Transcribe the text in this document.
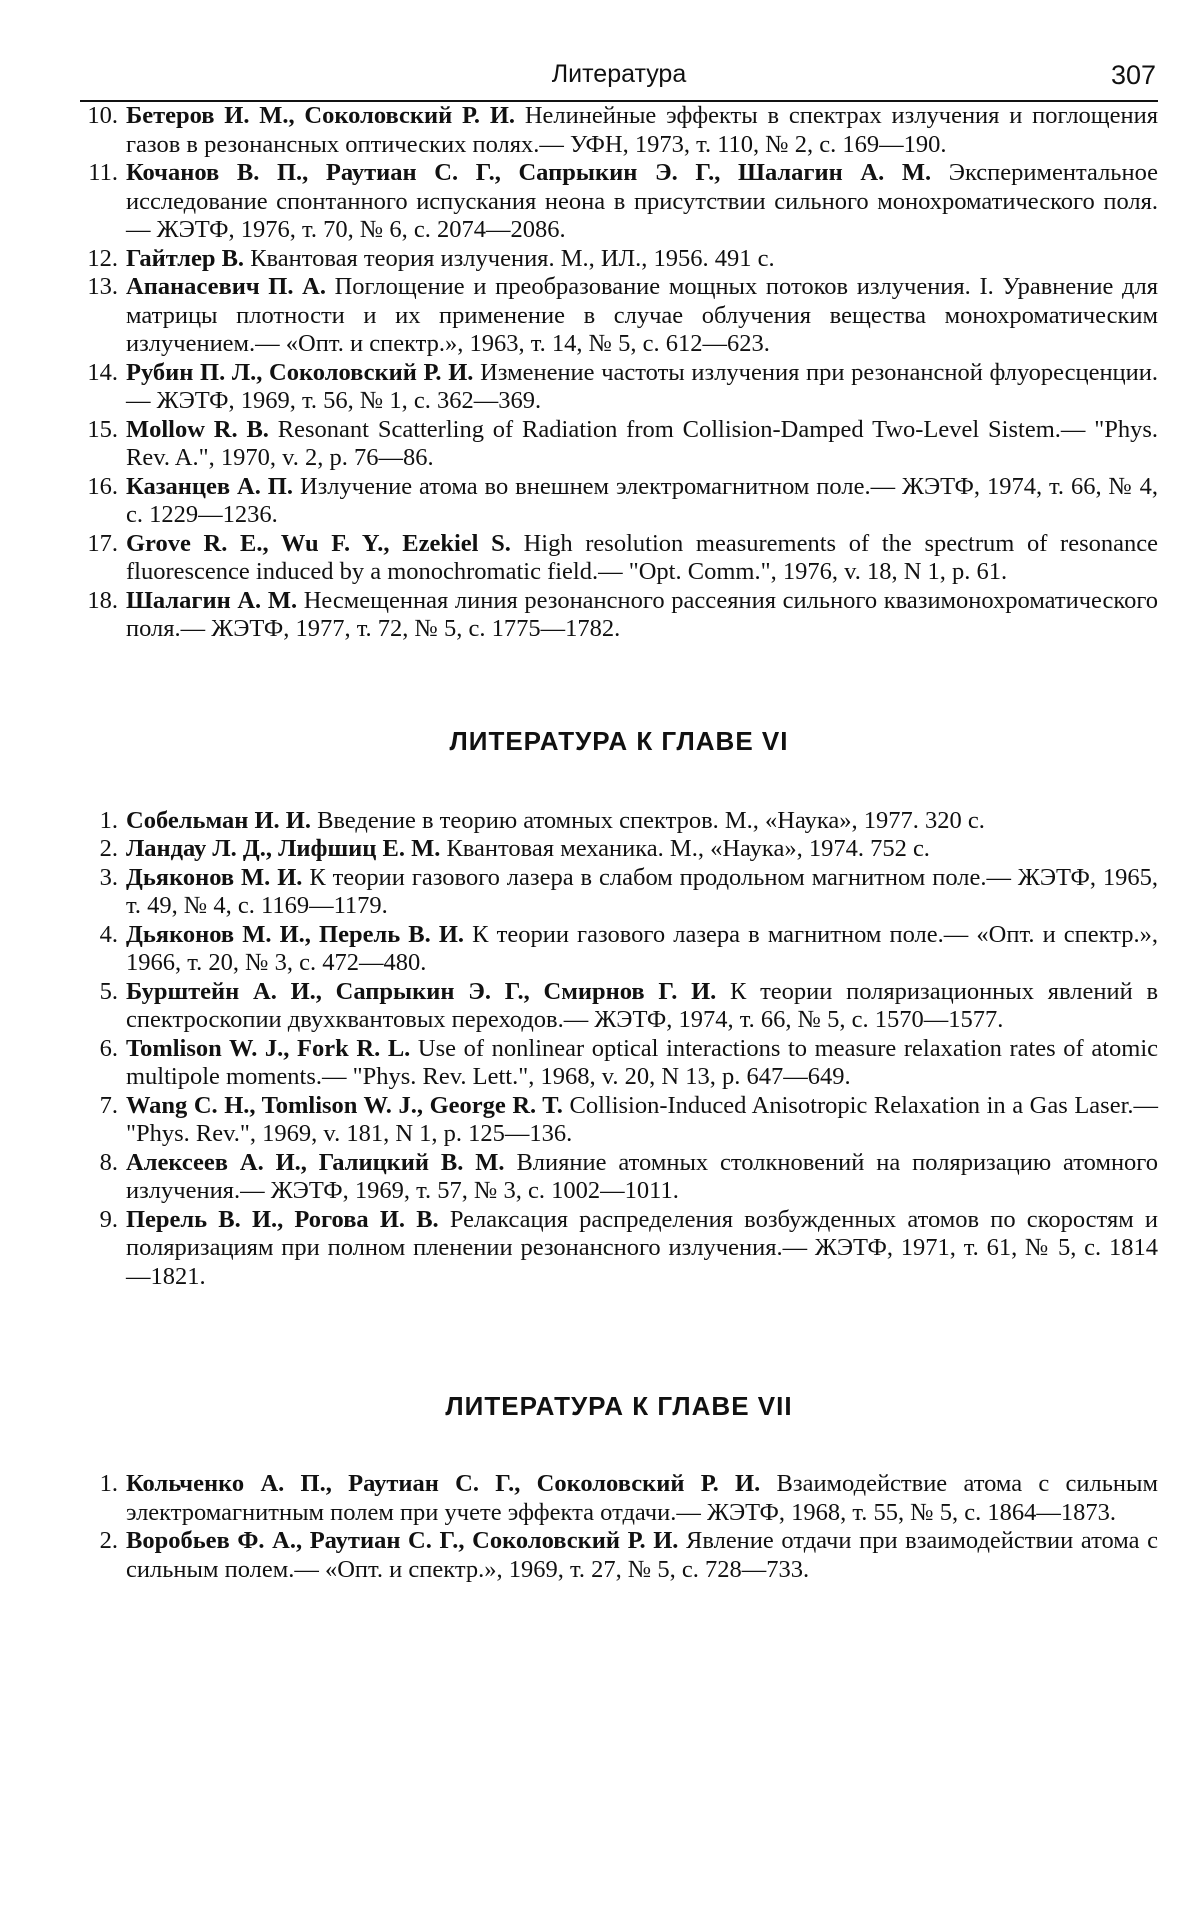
Литература	307
10. Бетеров И. М., Соколовский Р. И. Нелинейные эффекты в спектрах излучения и поглощения газов в резонансных оптических полях.— УФН, 1973, т. 110, № 2, с. 169—190.
11. Кочанов В. П., Раутиан С. Г., Сапрыкин Э. Г., Шалагин А. М. Экспериментальное исследование спонтанного испускания неона в присутствии сильного монохроматического поля.— ЖЭТФ, 1976, т. 70, № 6, с. 2074—2086.
12. Гайтлер В. Квантовая теория излучения. М., ИЛ., 1956. 491 с.
13. Апанасевич П. А. Поглощение и преобразование мощных потоков излучения. I. Уравнение для матрицы плотности и их применение в случае облучения вещества монохроматическим излучением.— «Опт. и спектр.», 1963, т. 14, № 5, с. 612—623.
14. Рубин П. Л., Соколовский Р. И. Изменение частоты излучения при резонансной флуоресценции.— ЖЭТФ, 1969, т. 56, № 1, с. 362—369.
15. Mollow R. B. Resonant Scatterling of Radiation from Collision-Damped Two-Level Sistem.— "Phys. Rev. A.", 1970, v. 2, p. 76—86.
16. Казанцев А. П. Излучение атома во внешнем электромагнитном поле.— ЖЭТФ, 1974, т. 66, № 4, с. 1229—1236.
17. Grove R. E., Wu F. Y., Ezekiel S. High resolution measurements of the spectrum of resonance fluorescence induced by a monochromatic field.— "Opt. Comm.", 1976, v. 18, N 1, p. 61.
18. Шалагин А. М. Несмещенная линия резонансного рассеяния сильного квазимонохроматического поля.— ЖЭТФ, 1977, т. 72, № 5, с. 1775—1782.
ЛИТЕРАТУРА К ГЛАВЕ VI
1. Собельман И. И. Введение в теорию атомных спектров. М., «Наука», 1977. 320 с.
2. Ландау Л. Д., Лифшиц Е. М. Квантовая механика. М., «Наука», 1974. 752 с.
3. Дьяконов М. И. К теории газового лазера в слабом продольном магнитном поле.— ЖЭТФ, 1965, т. 49, № 4, с. 1169—1179.
4. Дьяконов М. И., Перель В. И. К теории газового лазера в магнитном поле.— «Опт. и спектр.», 1966, т. 20, № 3, с. 472—480.
5. Бурштейн А. И., Сапрыкин Э. Г., Смирнов Г. И. К теории поляризационных явлений в спектроскопии двухквантовых переходов.— ЖЭТФ, 1974, т. 66, № 5, с. 1570—1577.
6. Tomlison W. J., Fork R. L. Use of nonlinear optical interactions to measure relaxation rates of atomic multipole moments.— "Phys. Rev. Lett.", 1968, v. 20, N 13, p. 647—649.
7. Wang C. H., Tomlison W. J., George R. T. Collision-Induced Anisotropic Relaxation in a Gas Laser.— "Phys. Rev.", 1969, v. 181, N 1, p. 125—136.
8. Алексеев А. И., Галицкий В. М. Влияние атомных столкновений на поляризацию атомного излучения.— ЖЭТФ, 1969, т. 57, № 3, с. 1002—1011.
9. Перель В. И., Рогова И. В. Релаксация распределения возбужденных атомов по скоростям и поляризациям при полном пленении резонансного излучения.— ЖЭТФ, 1971, т. 61, № 5, с. 1814—1821.
ЛИТЕРАТУРА К ГЛАВЕ VII
1. Кольченко А. П., Раутиан С. Г., Соколовский Р. И. Взаимодействие атома с сильным электромагнитным полем при учете эффекта отдачи.— ЖЭТФ, 1968, т. 55, № 5, с. 1864—1873.
2. Воробьев Ф. А., Раутиан С. Г., Соколовский Р. И. Явление отдачи при взаимодействии атома с сильным полем.— «Опт. и спектр.», 1969, т. 27, № 5, с. 728—733.
